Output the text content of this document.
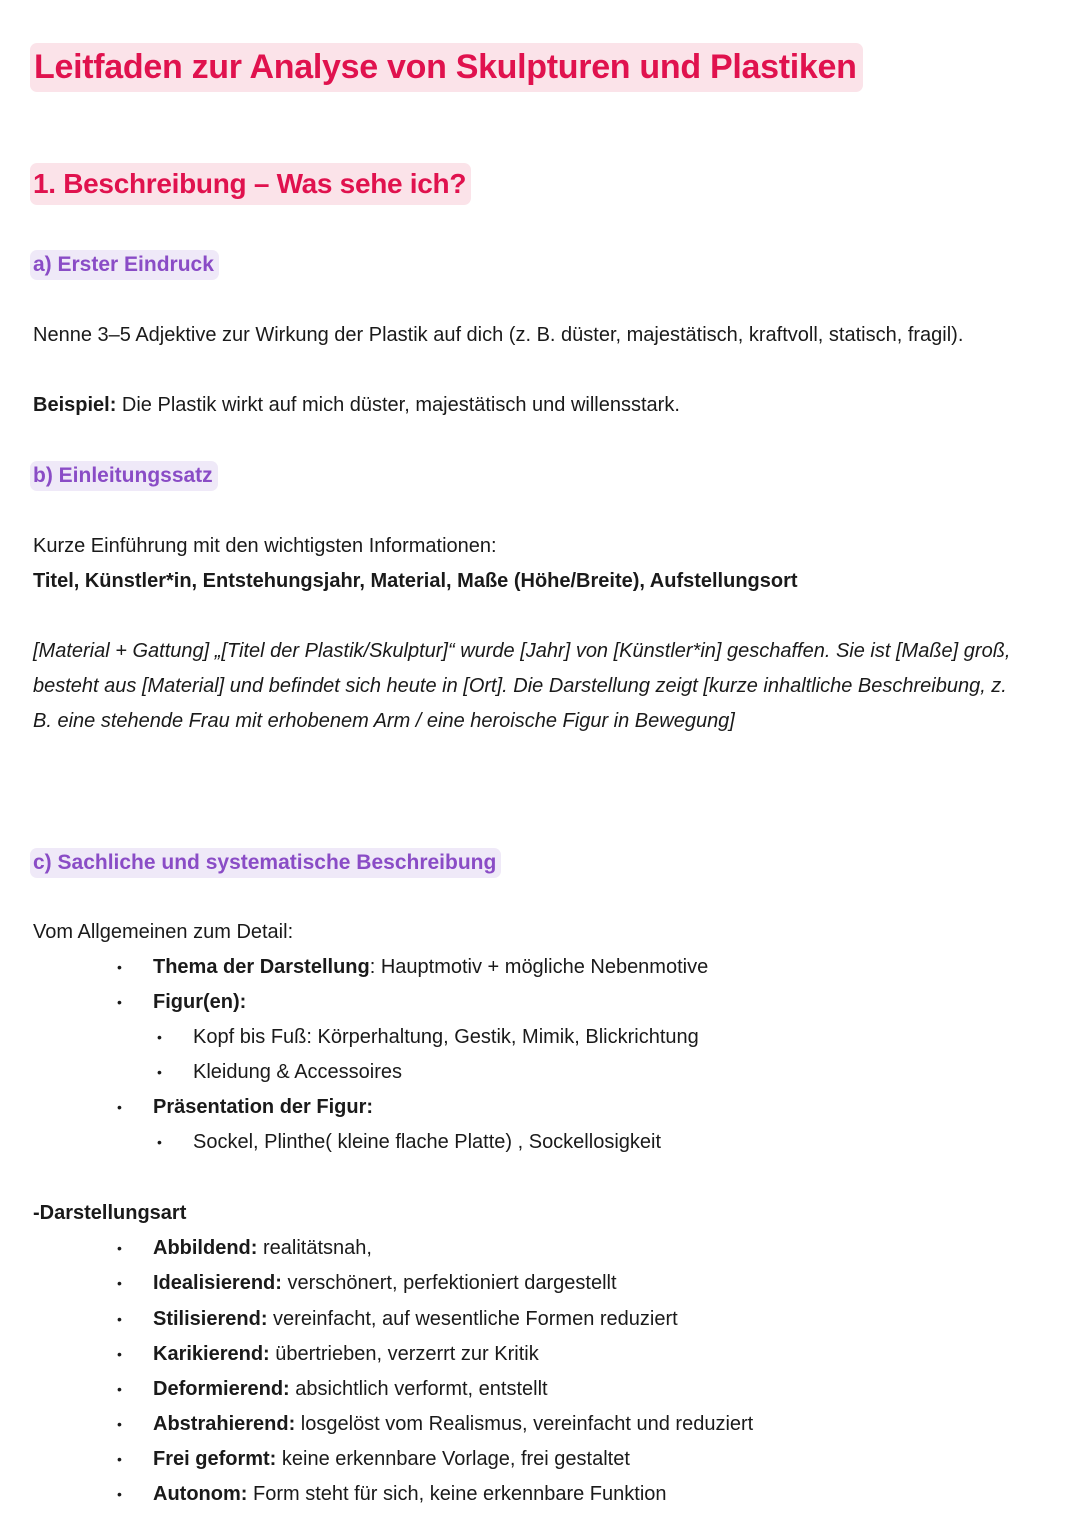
Leitfaden zur Analyse von Skulpturen und Plastiken
1. Beschreibung – Was sehe ich?
a) Erster Eindruck

Nenne 3–5 Adjektive zur Wirkung der Plastik auf dich (z. B. düster, majestätisch, kraftvoll, statisch, fragil).

Beispiel: Die Plastik wirkt auf mich düster, majestätisch und willensstark.

b) Einleitungssatz

Kurze Einführung mit den wichtigsten Informationen:

Titel, Künstler*in, Entstehungsjahr, Material, Maße (Höhe/Breite), Aufstellungsort

[Material + Gattung] „[Titel der Plastik/Skulptur]“ wurde [Jahr] von [Künstler*in] geschaffen. Sie ist [Maße] groß, besteht aus [Material] und befindet sich heute in [Ort]. Die Darstellung zeigt [kurze inhaltliche Beschreibung, z. B. eine stehende Frau mit erhobenem Arm / eine heroische Figur in Bewegung]

c) Sachliche und systematische Beschreibung

Vom Allgemeinen zum Detail:

• Thema der Darstellung: Hauptmotiv + mögliche Nebenmotive
• Figur(en):
• Kopf bis Fuß: Körperhaltung, Gestik, Mimik, Blickrichtung
• Kleidung & Accessoires
• Präsentation der Figur:
• Sockel, Plinthe( kleine flache Platte) , Sockellosigkeit

-Darstellungsart

• Abbildend: realitätsnah,
• Idealisierend: verschönert, perfektioniert dargestellt
• Stilisierend: vereinfacht, auf wesentliche Formen reduziert
• Karikierend: übertrieben, verzerrt zur Kritik
• Deformierend: absichtlich verformt, entstellt
• Abstrahierend: losgelöst vom Realismus, vereinfacht und reduziert
• Frei geformt: keine erkennbare Vorlage, frei gestaltet
• Autonom: Form steht für sich, keine erkennbare Funktion
